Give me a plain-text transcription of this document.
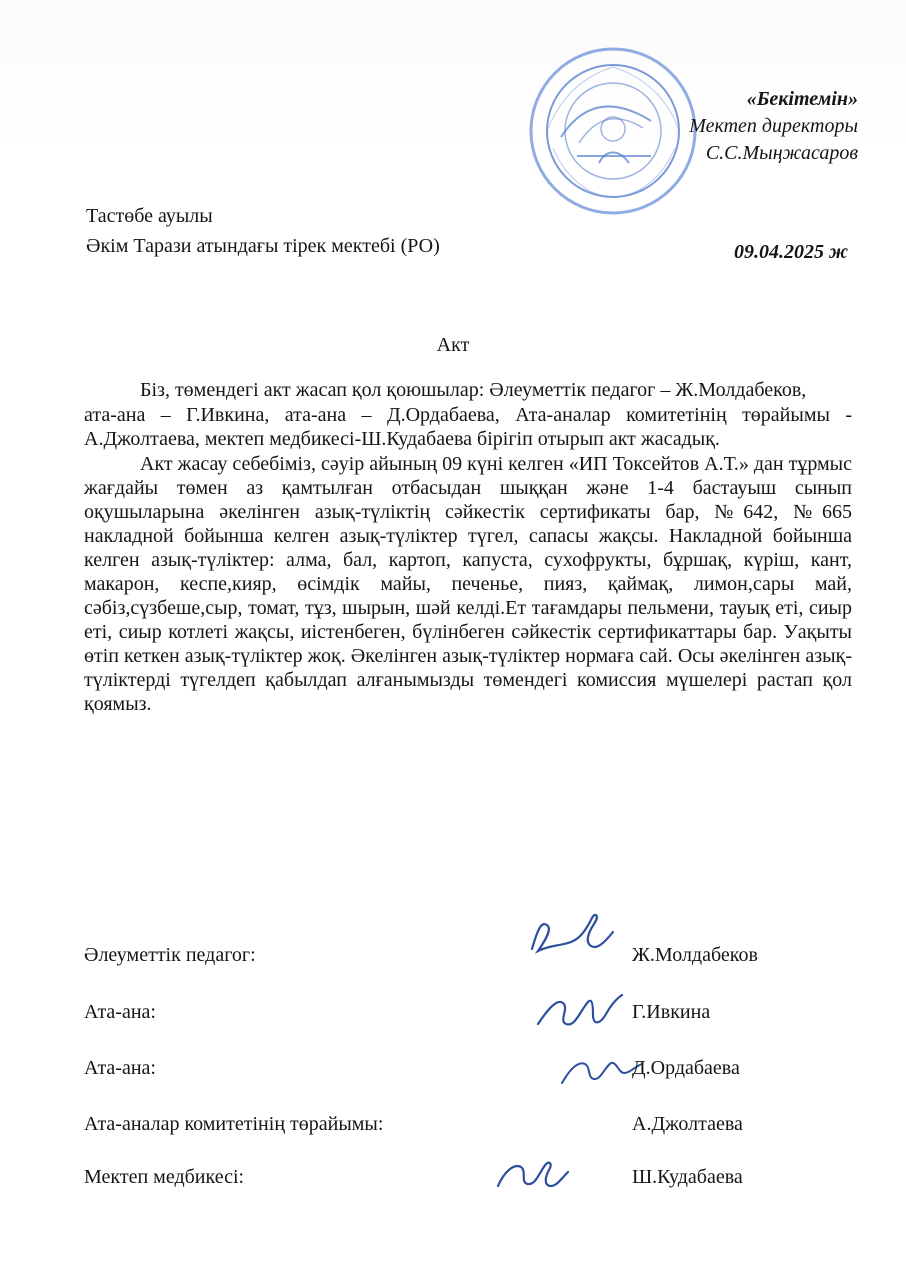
«Бекітемін»
Мектеп директоры
С.С.Мыңжасаров
Тастөбе ауылы
Әкім Тарази атындағы тірек мектебі (РО)	09.04.2025 ж
Акт

Біз, төмендегі акт жасап қол қоюшылар: Әлеуметтік педагог – Ж.Молдабеков,

ата-ана – Г.Ивкина, ата-ана – Д.Ордабаева, Ата-аналар комитетінің төрайымы - А.Джолтаева, мектеп медбикесі-Ш.Кудабаева бірігіп отырып акт жасадық.

Акт жасау себебіміз, сәуір айының 09 күні келген «ИП Токсейтов А.Т.» дан тұрмыс жағдайы төмен аз қамтылған отбасыдан шыққан және 1-4 бастауыш сынып оқушыларына әкелінген азық-түліктің сәйкестік сертификаты бар, №642, №665 накладной бойынша келген азық-түліктер түгел, сапасы жақсы. Накладной бойынша келген азық-түліктер: алма, бал, картоп, капуста, сухофрукты, бұршақ, күріш, кант, макарон, кеспе,кияр, өсімдік майы, печенье, пияз, қаймақ, лимон,сары май, сәбіз,сүзбеше,сыр, томат, тұз, шырын, шәй келді.Ет тағамдары пельмени, тауық еті, сиыр еті, сиыр котлеті жақсы, иістенбеген, бүлінбеген сәйкестік сертификаттары бар. Уақыты өтіп кеткен азық-түліктер жоқ. Әкелінген азық-түліктер нормаға сай. Осы әкелінген азық-түліктерді түгелдеп қабылдап алғанымызды төмендегі комиссия мүшелері растап қол қоямыз.

Әлеуметтік педагог:	Ж.Молдабеков
Ата-ана:	Г.Ивкина
Ата-ана:	Д.Ордабаева
Ата-аналар комитетінің төрайымы:	А.Джолтаева
Мектеп медбикесі:	Ш.Кудабаева
